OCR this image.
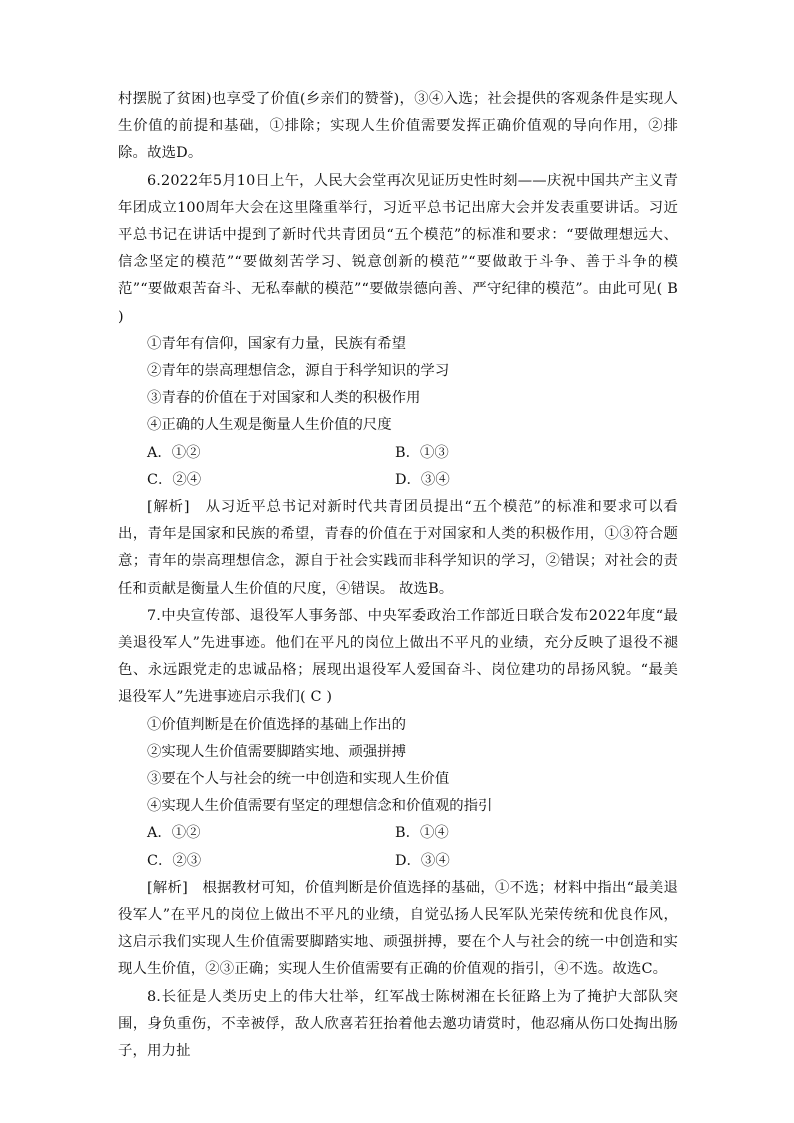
村摆脱了贫困)也享受了价值(乡亲们的赞誉)，③④入选；社会提供的客观条件是实现人生价值的前提和基础，①排除；实现人生价值需要发挥正确价值观的导向作用，②排除。故选D。

6.2022年5月10日上午，人民大会堂再次见证历史性时刻——庆祝中国共产主义青年团成立100周年大会在这里隆重举行，习近平总书记出席大会并发表重要讲话。习近平总书记在讲话中提到了新时代共青团员“五个模范”的标准和要求：“要做理想远大、信念坚定的模范”“要做刻苦学习、锐意创新的模范”“要做敢于斗争、善于斗争的模范”“要做艰苦奋斗、无私奉献的模范”“要做崇德向善、严守纪律的模范”。由此可见( B )

①青年有信仰，国家有力量，民族有希望

②青年的崇高理想信念，源自于科学知识的学习

③青春的价值在于对国家和人类的积极作用

④正确的人生观是衡量人生价值的尺度

A．①②	B．①③
C．②④	D．③④

[解析]　从习近平总书记对新时代共青团员提出“五个模范”的标准和要求可以看出，青年是国家和民族的希望，青春的价值在于对国家和人类的积极作用，①③符合题意；青年的崇高理想信念，源自于社会实践而非科学知识的学习，②错误；对社会的责任和贡献是衡量人生价值的尺度，④错误。 故选B。

7.中央宣传部、退役军人事务部、中央军委政治工作部近日联合发布2022年度“最美退役军人”先进事迹。他们在平凡的岗位上做出不平凡的业绩，充分反映了退役不褪色、永远跟党走的忠诚品格；展现出退役军人爱国奋斗、岗位建功的昂扬风貌。“最美退役军人”先进事迹启示我们( C )

①价值判断是在价值选择的基础上作出的

②实现人生价值需要脚踏实地、顽强拼搏

③要在个人与社会的统一中创造和实现人生价值

④实现人生价值需要有坚定的理想信念和价值观的指引

A．①②	B．①④
C．②③	D．③④

[解析]　根据教材可知，价值判断是价值选择的基础，①不选；材料中指出“最美退役军人”在平凡的岗位上做出不平凡的业绩，自觉弘扬人民军队光荣传统和优良作风，这启示我们实现人生价值需要脚踏实地、顽强拼搏，要在个人与社会的统一中创造和实现人生价值，②③正确；实现人生价值需要有正确的价值观的指引，④不选。故选C。

8.长征是人类历史上的伟大壮举，红军战士陈树湘在长征路上为了掩护大部队突围，身负重伤，不幸被俘，敌人欣喜若狂抬着他去邀功请赏时，他忍痛从伤口处掏出肠子，用力扯
